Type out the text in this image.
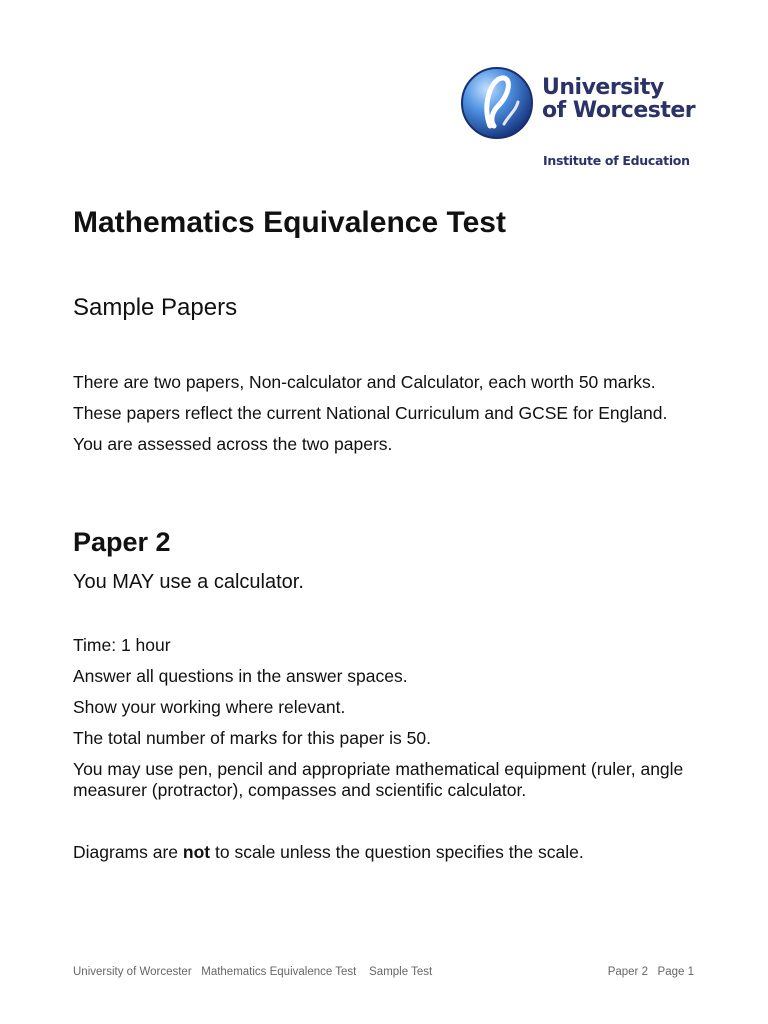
University
of Worcester
Institute of Education
Mathematics Equivalence Test
Sample Papers

There are two papers, Non-calculator and Calculator, each worth 50 marks.

These papers reflect the current National Curriculum and GCSE for England.

You are assessed across the two papers.

Paper 2

You MAY use a calculator.

Time: 1 hour

Answer all questions in the answer spaces.

Show your working where relevant.

The total number of marks for this paper is 50.

You may use pen, pencil and appropriate mathematical equipment (ruler, angle measurer (protractor), compasses and scientific calculator.

Diagrams are not to scale unless the question specifies the scale.

University of Worcester   Mathematics Equivalence Test    Sample Test	Paper 2   Page 1
